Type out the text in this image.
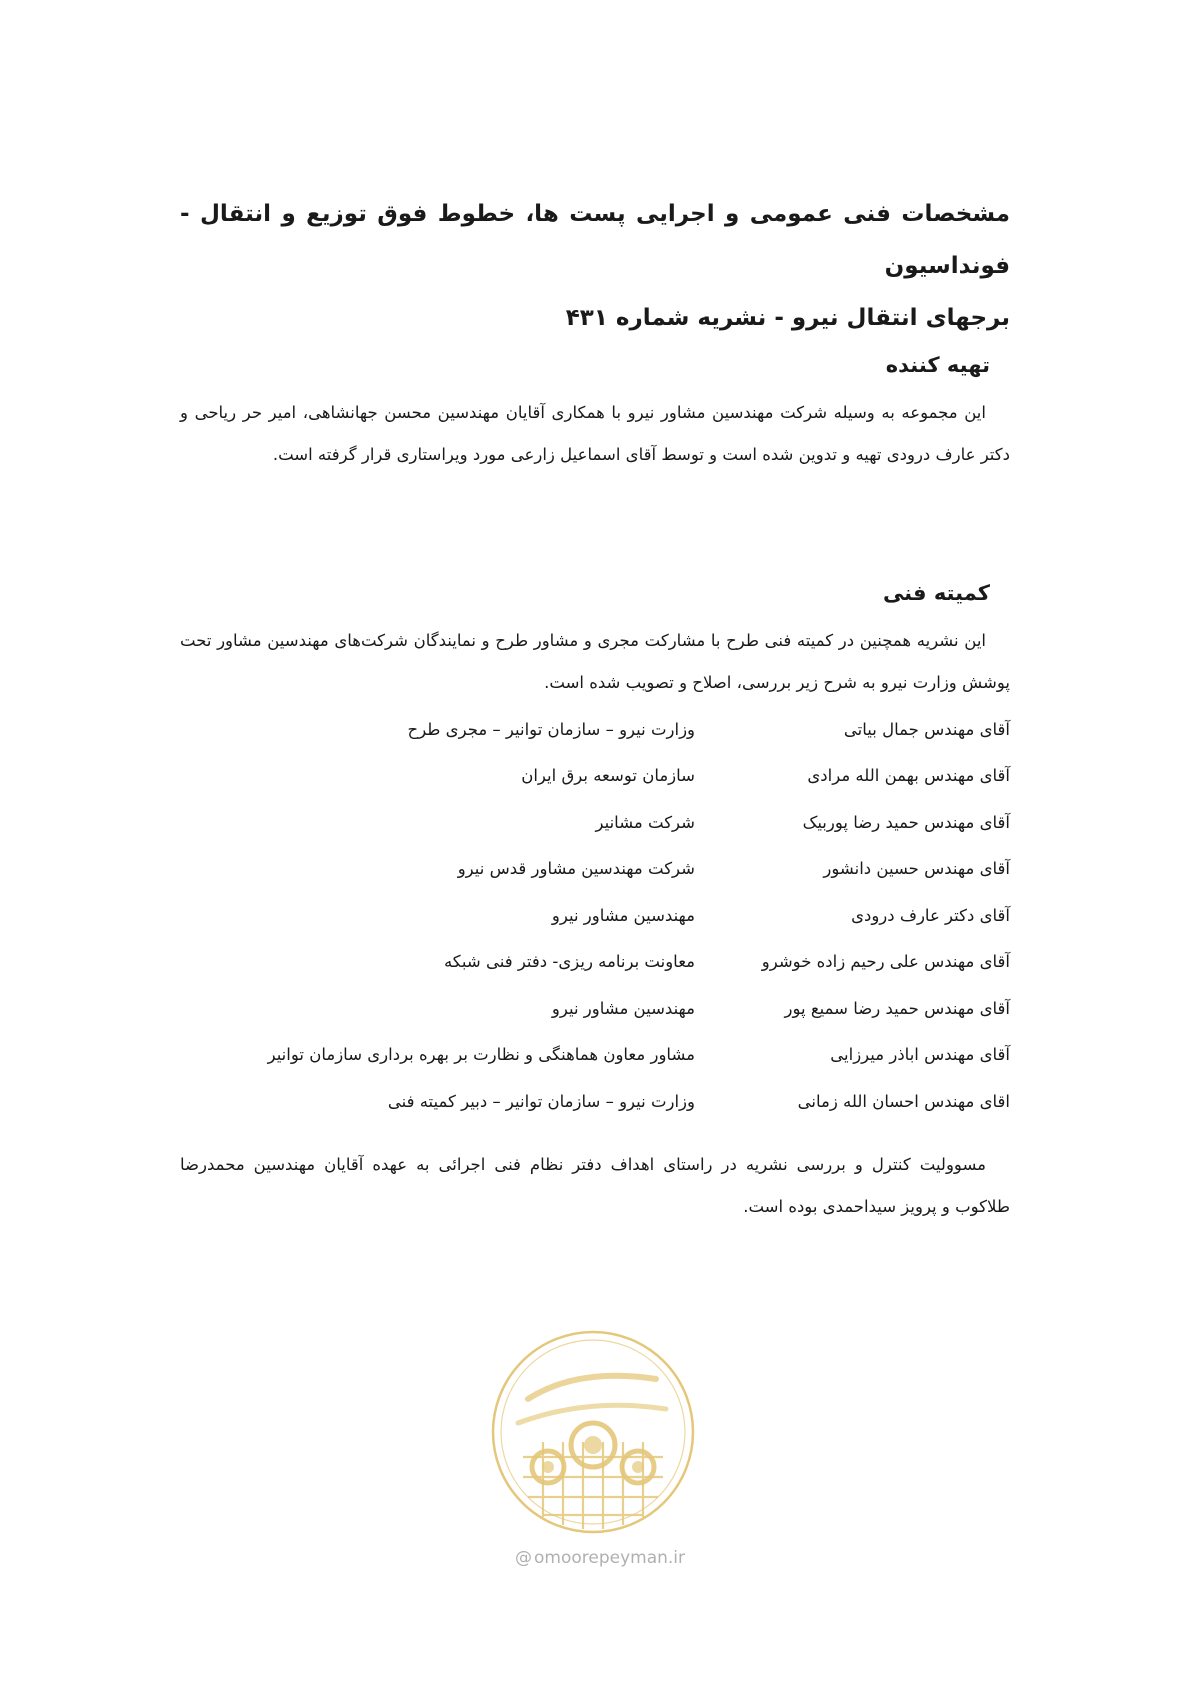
مشخصات فنی عمومی و اجرایی پست ها، خطوط فوق توزیع و انتقال - فونداسیون
برجهای انتقال نیرو - نشریه شماره ۴۳۱
تهیه کننده

این مجموعه به وسیله شرکت مهندسین مشاور نیرو با همکاری آقایان مهندسین محسن جهانشاهی، امیر حر ریاحی و دکتر عارف درودی تهیه و تدوین شده است و توسط آقای اسماعیل زارعی مورد ویراستاری قرار گرفته است.

کمیته فنی

این نشریه همچنین در کمیته فنی طرح با مشارکت مجری و مشاور طرح و نمایندگان شرکت‌های مهندسین مشاور تحت پوشش وزارت نیرو به شرح زیر بررسی، اصلاح و تصویب شده است.

آقای مهندس جمال بیاتی
وزارت نیرو – سازمان توانیر – مجری طرح
آقای مهندس بهمن الله مرادی
سازمان توسعه برق ایران
آقای مهندس حمید رضا پوربیک
شرکت مشانیر
آقای مهندس حسین دانشور
شرکت مهندسین مشاور قدس نیرو
آقای دکتر عارف درودی
مهندسین مشاور نیرو
آقای مهندس علی رحیم زاده خوشرو
معاونت برنامه ریزی- دفتر فنی شبکه
آقای مهندس حمید رضا سمیع پور
مهندسین مشاور نیرو
آقای مهندس اباذر میرزایی
مشاور معاون هماهنگی و نظارت بر بهره برداری سازمان توانیر
اقای مهندس احسان الله زمانی
وزارت نیرو – سازمان توانیر – دبیر کمیته فنی

مسوولیت کنترل و بررسی نشریه در راستای اهداف دفتر نظام فنی اجرائی به عهده آقایان مهندسین محمدرضا طلاکوب و پرویز سیداحمدی بوده است.

@ omoorepeyman.ir
